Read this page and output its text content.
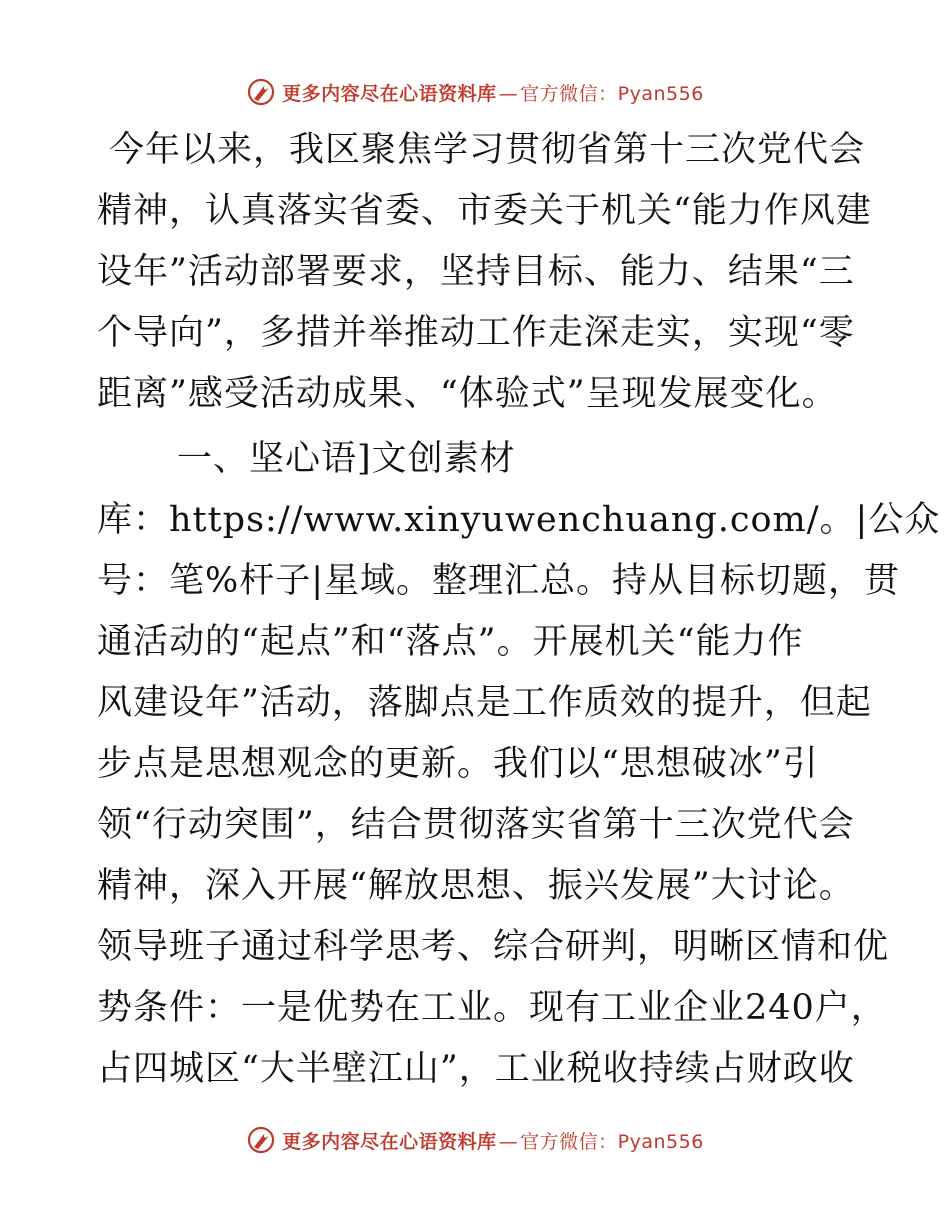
更多内容尽在心语资料库 — 官方微信：Pyan556
今年以来，我区聚焦学习贯彻省第十三次党代会
精神，认真落实省委、市委关于机关“能力作风建
设年”活动部署要求，坚持目标、能力、结果“三
个导向”，多措并举推动工作走深走实，实现“零
距离”感受活动成果、“体验式”呈现发展变化。
一、坚心语]文创素材
库：https://www.xinyuwenchuang.com/。|公众
号：笔%杆子|星域。整理汇总。持从目标切题，贯
通活动的“起点”和“落点”。开展机关“能力作
风建设年”活动，落脚点是工作质效的提升，但起
步点是思想观念的更新。我们以“思想破冰”引
领“行动突围”，结合贯彻落实省第十三次党代会
精神，深入开展“解放思想、振兴发展”大讨论。
领导班子通过科学思考、综合研判，明晰区情和优
势条件：一是优势在工业。现有工业企业240户，
占四城区“大半壁江山”，工业税收持续占财政收
更多内容尽在心语资料库 — 官方微信：Pyan556
